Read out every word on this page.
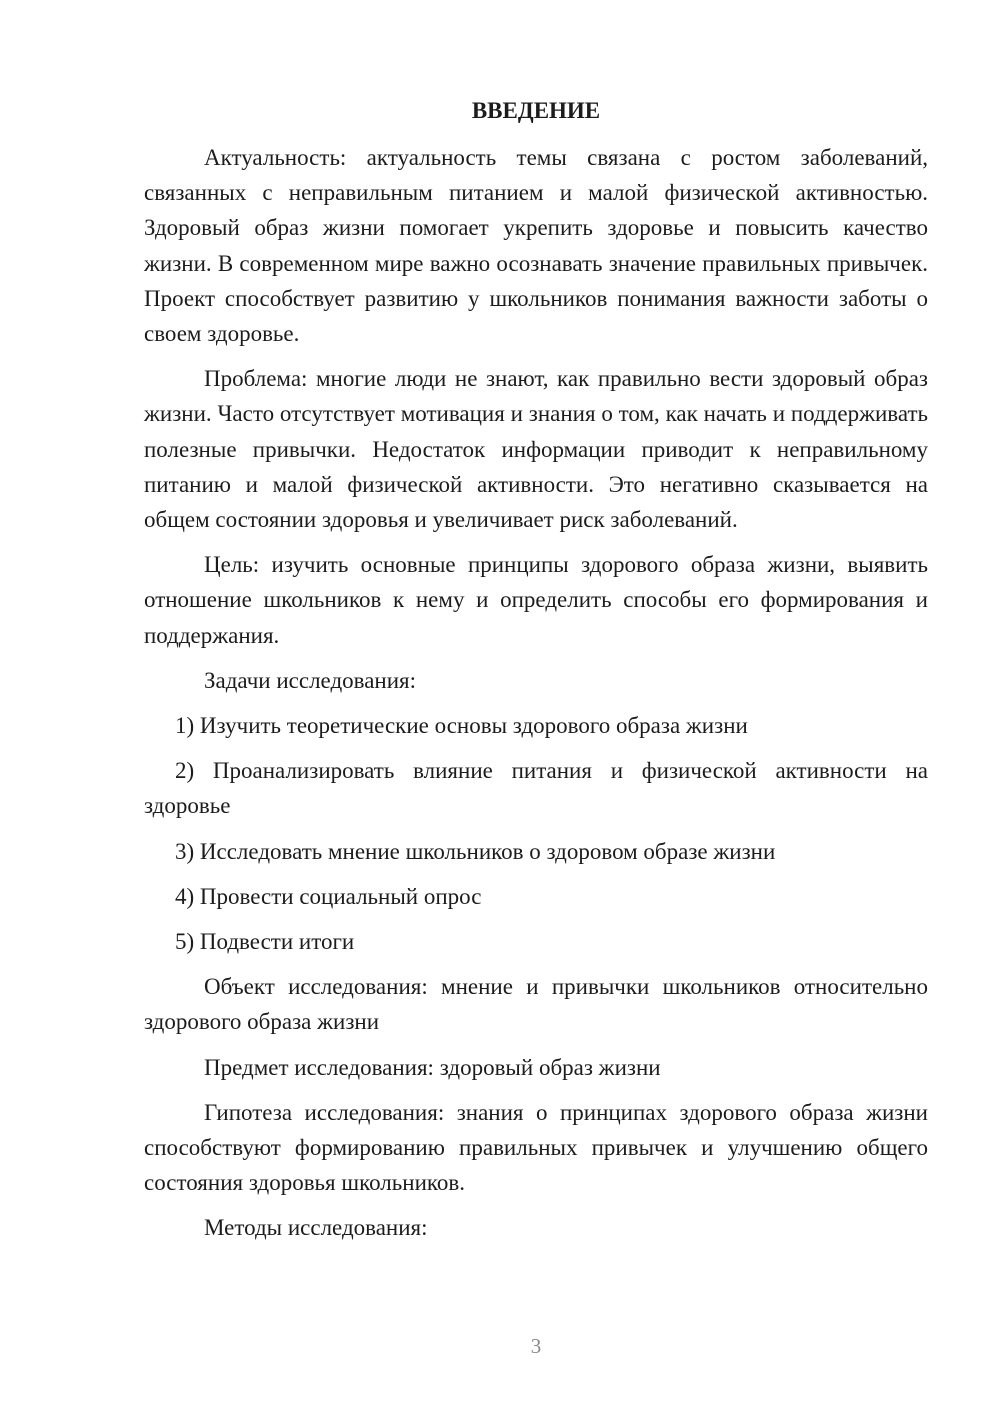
ВВЕДЕНИЕ

Актуальность: актуальность темы связана с ростом заболеваний, связанных с неправильным питанием и малой физической активностью. Здоровый образ жизни помогает укрепить здоровье и повысить качество жизни. В современном мире важно осознавать значение правильных привычек. Проект способствует развитию у школьников понимания важности заботы о своем здоровье.

Проблема: многие люди не знают, как правильно вести здоровый образ жизни. Часто отсутствует мотивация и знания о том, как начать и поддерживать полезные привычки. Недостаток информации приводит к неправильному питанию и малой физической активности. Это негативно сказывается на общем состоянии здоровья и увеличивает риск заболеваний.

Цель: изучить основные принципы здорового образа жизни, выявить отношение школьников к нему и определить способы его формирования и поддержания.

Задачи исследования:

1) Изучить теоретические основы здорового образа жизни

2) Проанализировать влияние питания и физической активности на здоровье

3) Исследовать мнение школьников о здоровом образе жизни

4) Провести социальный опрос

5) Подвести итоги

Объект исследования: мнение и привычки школьников относительно здорового образа жизни

Предмет исследования: здоровый образ жизни

Гипотеза исследования: знания о принципах здорового образа жизни способствуют формированию правильных привычек и улучшению общего состояния здоровья школьников.

Методы исследования:

3
